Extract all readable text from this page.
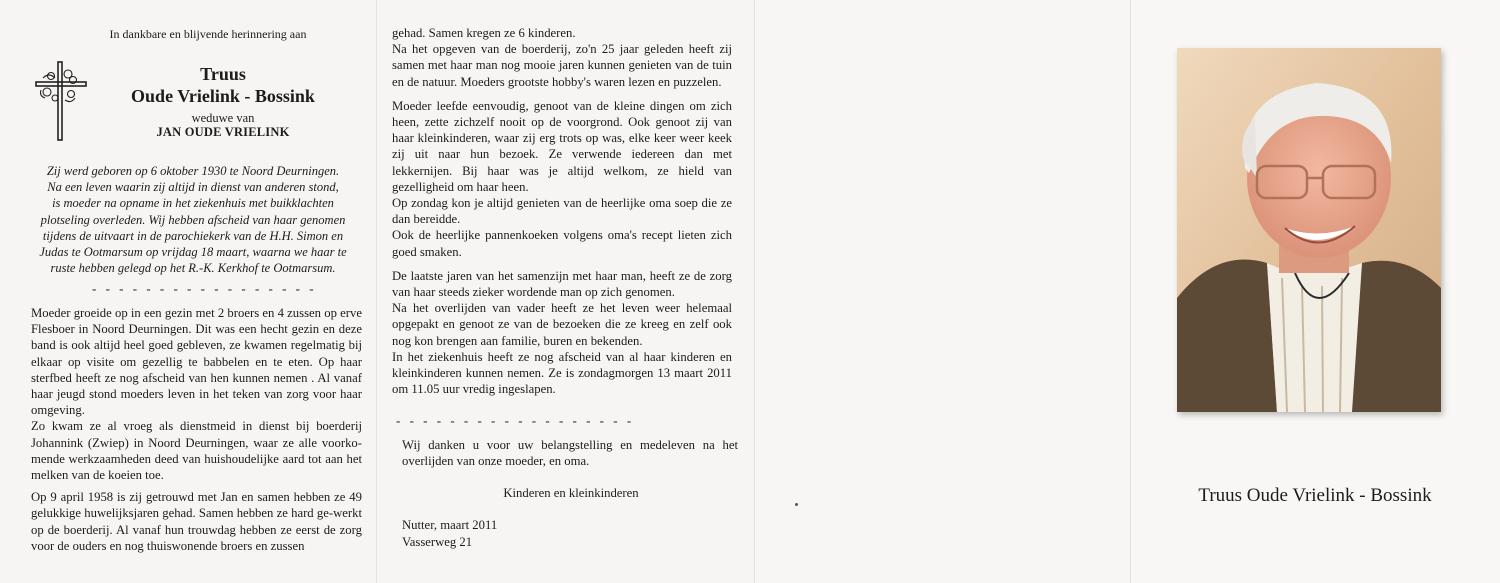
In dankbare en blijvende herinnering aan
Truus
Oude Vrielink - Bossink
weduwe van
JAN OUDE VRIELINK
Zij werd geboren op 6 oktober 1930 te Noord Deurningen.
Na een leven waarin zij altijd in dienst van anderen stond,
is moeder na opname in het ziekenhuis met buikklachten
plotseling overleden. Wij hebben afscheid van haar genomen
tijdens de uitvaart in de parochiekerk van de H.H. Simon en
Judas te Ootmarsum op vrijdag 18 maart, waarna we haar te
ruste hebben gelegd op het R.-K. Kerkhof te Ootmarsum.
- - - - - - - - - - - - - - - - -

Moeder groeide op in een gezin met 2 broers en 4 zussen op erve Flesboer in Noord Deurningen. Dit was een hecht gezin en deze band is ook altijd heel goed gebleven, ze kwamen regelmatig bij elkaar op visite om gezellig te babbelen en te eten. Op haar sterfbed heeft ze nog afscheid van hen kunnen nemen . Al vanaf haar jeugd stond moeders leven in het teken van zorg voor haar omgeving.
Zo kwam ze al vroeg als dienstmeid in dienst bij boerderij Johannink (Zwiep) in Noord Deurningen, waar ze alle voorko-mende werkzaamheden deed van huishoudelijke aard tot aan het melken van de koeien toe.

Op 9 april 1958 is zij getrouwd met Jan en samen hebben ze 49 gelukkige huwelijksjaren gehad. Samen hebben ze hard ge-werkt op de boerderij. Al vanaf hun trouwdag hebben ze eerst de zorg voor de ouders en nog thuiswonende broers en zussen

gehad. Samen kregen ze 6 kinderen.
Na het opgeven van de boerderij, zo'n 25 jaar geleden heeft zij samen met haar man nog mooie jaren kunnen genieten van de tuin en de natuur. Moeders grootste hobby's waren lezen en puzzelen.

Moeder leefde eenvoudig, genoot van de kleine dingen om zich heen, zette zichzelf nooit op de voorgrond. Ook genoot zij van haar kleinkinderen, waar zij erg trots op was, elke keer weer keek zij uit naar hun bezoek. Ze verwende iedereen dan met lekkernijen. Bij haar was je altijd welkom, ze hield van gezelligheid om haar heen.
Op zondag kon je altijd genieten van de heerlijke oma soep die ze dan bereidde.
Ook de heerlijke pannenkoeken volgens oma's recept lieten zich goed smaken.

De laatste jaren van het samenzijn met haar man, heeft ze de zorg van haar steeds zieker wordende man op zich genomen.
Na het overlijden van vader heeft ze het leven weer helemaal opgepakt en genoot ze van de bezoeken die ze kreeg en zelf ook nog kon brengen aan familie, buren en bekenden.
In het ziekenhuis heeft ze nog afscheid van al haar kinderen en kleinkinderen kunnen nemen. Ze is zondagmorgen 13 maart 2011 om 11.05 uur vredig ingeslapen.

- - - - - - - - - - - - - - - - - -
Wij danken u voor uw belangstelling en medeleven na het overlijden van onze moeder, en oma.
Kinderen en kleinkinderen
Nutter, maart 2011
Vasserweg 21
Truus Oude Vrielink - Bossink
